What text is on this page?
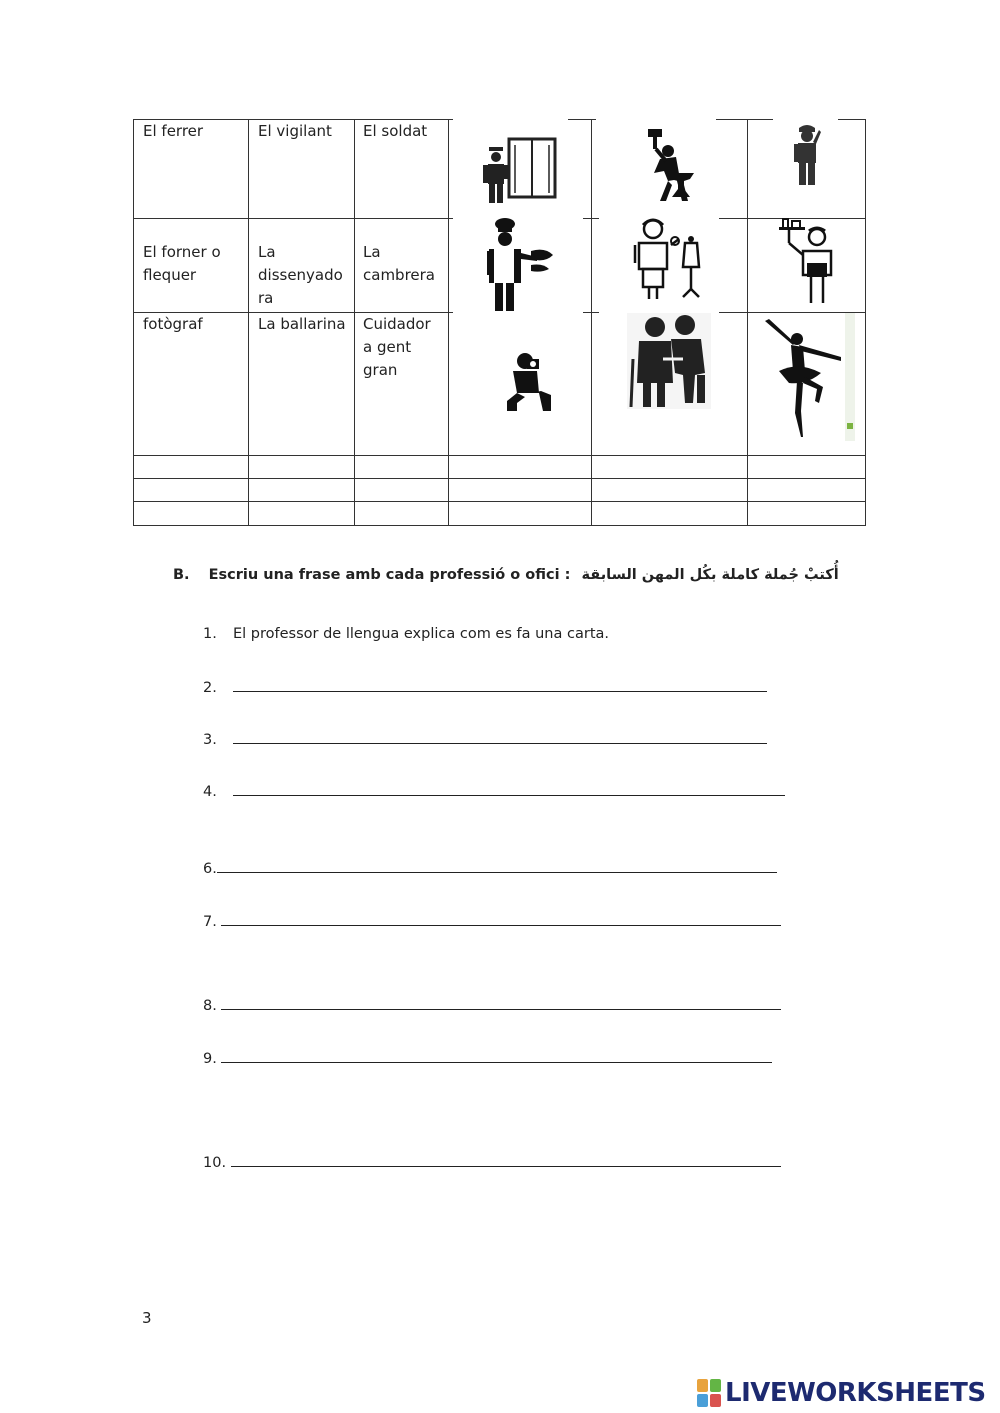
El ferrer	El vigilant El soldat
El forner o
flequer
La
dissenyado
ra
La
cambrera
fotògraf	La ballarina Cuidador
a gent
gran
B. Escriu una frase amb cada professió o ofici : أُكتبْ جُملة كاملة بكُل المهن السابقة
1. El professor de llengua explica com es fa una carta.
2.
3.
4.
6.
7.
8.
9.
10.
3
LIVEWORKSHEETS
